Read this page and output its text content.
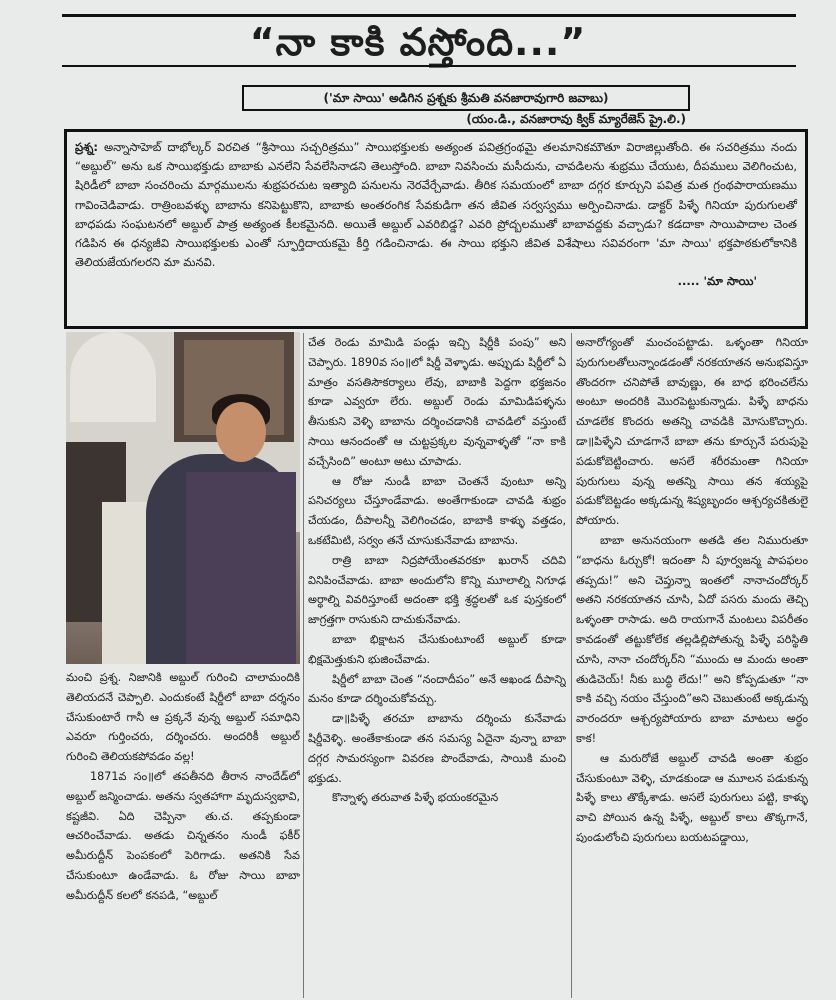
“నా కాకి వస్తోంది...”
('మా సాయి' అడిగిన ప్రశ్నకు శ్రీమతి వనజారావుగారి జవాబు)
(యం.డి., వనజారావు క్విక్ మ్యారేజెస్ ప్రై.లి.)
ప్రశ్న: అన్నాసాహెబ్ దాభోల్కర్ విరచిత “శ్రీసాయి సచ్చరిత్రము” సాయిభక్తులకు అత్యంత పవిత్రగ్రంథమై తలమానికమౌతూ విరాజిల్లుతోంది. ఈ సచరిత్రము నందు “అబ్దుల్” అను ఒక సాయిభక్తుడు బాబాకు ఎనలేని సేవలేసినాడని తెలుస్తోంది. బాబా నివసించు మసీదును, చావడిలను శుభ్రము చేయుట, దీపములు వెలిగించుట, షిరిడీలో బాబా సంచరించు మార్గములను శుభ్రపరచుట ఇత్యాది పనులను నెరవేర్చేవాడు. తీరిక సమయంలో బాబా దగ్గర కూర్చుని పవిత్ర మత గ్రంథపారాయణము గావించెడివాడు. రాత్రింబవళ్ళు బాబాను కనిపెట్టుకొని, బాబాకు అంతరంగిక సేవకుడిగా తన జీవిత సర్వస్వము అర్పించినాడు. డాక్టర్ పిళ్ళే గినియా పురుగులతో బాధపడు సంఘటనలో అబ్దుల్ పాత్ర అత్యంత కీలకమైనది. అయితే అబ్దుల్ ఎవరిబిడ్డ? ఎవరి ప్రోద్బలముతో బాబావద్దకు వచ్చాడు? కడదాకా సాయిపాదాల చెంత గడిపిన ఈ ధన్యజీవి సాయిభక్తులకు ఎంతో స్ఫూర్తిదాయకమై కీర్తి గడించినాడు. ఈ సాయి భక్తుని జీవిత విశేషాలు సవివరంగా 'మా సాయి' భక్తపాఠకులోకానికి తెలియజేయగలరని మా మనవి.
..... 'మా సాయి'

మంచి ప్రశ్న. నిజానికి అబ్దుల్ గురించి చాలామందికి తెలియదనే చెప్పాలి. ఎందుకంటే షిర్డీలో బాబా దర్శనం చేసుకుంటారే గానీ ఆ ప్రక్కనే వున్న అబ్దుల్ సమాధిని ఎవరూ గుర్తించరు, దర్శించరు. అందరికీ అబ్దుల్ గురించి తెలియకపోవడం వల్ల!

1871వ సం॥లో తపతీనది తీరాన నాందేడ్‌లో అబ్దుల్ జన్మించాడు. అతను స్వతహాగా మృదుస్వభావి, కష్టజీవి. ఏది చెప్పినా తు.చ. తప్పకుండా ఆచరించేవాడు. అతడు చిన్నతనం నుండీ ఫకీర్ అమీరుద్దీన్ పెంపకంలో పెరిగాడు. అతనికి సేవ చేసుకుంటూ ఉండేవాడు. ఓ రోజు సాయి బాబా అమీరుద్దీన్ కలలో కనపడి, “అబ్దుల్

చేత రెండు మామిడి పండ్లు ఇచ్చి షిర్డీకి పంపు” అని చెప్పారు. 1890వ సం॥లో షిర్డీ వెళ్ళాడు. అప్పుడు షిర్డీలో ఏ మాత్రం వసతిసౌకర్యాలు లేవు, బాబాకి పెద్దగా భక్తజనం కూడా ఎవ్వరూ లేరు. అబ్దుల్ రెండు మామిడిపళ్ళను తీసుకుని వెళ్ళి బాబాను దర్శించడానికి చావడిలో వస్తుంటే సాయి ఆనందంతో ఆ చుట్టప్రక్కల వున్నవాళ్ళతో “నా కాకి వచ్చేసింది” అంటూ అటు చూపాడు.

ఆ రోజు నుండీ బాబా చెంతనే వుంటూ అన్ని పనిచర్యలు చేస్తూండేవాడు. అంతేగాకుండా చావడి శుభ్రం చేయడం, దీపాలన్నీ వెలిగించడం, బాబాకి కాళ్ళు వత్తడం, ఒకటేమిటి, సర్వం తనే చూసుకునేవాడు బాబాను.

రాత్రి బాబా నిద్రపోయేంతవరకూ ఖురాన్ చదివి వినిపించేవాడు. బాబా అందులోని కొన్ని మూలాల్ని నిగూఢ అర్థాల్ని వివరిస్తూంటే అదంతా భక్తి శ్రద్ధలతో ఒక పుస్తకంలో జాగ్రత్తగా రాసుకుని దాచుకునేవాడు.

బాబా భిక్షాటన చేసుకుంటూంటే అబ్దుల్ కూడా భిక్షమెత్తుకుని భుజించేవాడు.

షిర్డీలో బాబా చెంత “నందాదీపం” అనే అఖండ దీపాన్ని మనం కూడా దర్శించుకోవచ్చు.

డా॥పిళ్ళే తరచూ బాబాను దర్శించు కునేవాడు షిర్డీవెళ్ళి. అంతేకాకుండా తన సమస్య ఏదైనా వున్నా బాబా దగ్గర సామరస్యంగా వివరణ పొందేవాడు, సాయికి మంచి భక్తుడు.

కొన్నాళ్ళ తరువాత పిళ్ళే భయంకరమైన

అనారోగ్యంతో మంచంపట్టాడు. ఒళ్ళంతా గినియా పురుగులతోలున్నాండడంతో నరకయాతన అనుభవిస్తూ తొందరగా చనిపోతే బావుణ్ణు, ఈ బాధ భరించలేను అంటూ అందరికి మొరపెట్టుకున్నాడు. పిళ్ళే బాధను చూడలేక కొందరు అతన్ని చావడికి మోసుకొచ్చారు. డా॥పిళ్ళేని చూడగానే బాబా తను కూర్చునే పరుపుపై పడుకోబెట్టించారు. అసలే శరీరమంతా గినియా పురుగులు వున్న అతన్ని సాయి తన శయ్యపై పడుకోబెట్టడం అక్కడున్న శిష్యబృందం ఆశ్చర్యచకితులై పోయారు.

బాబా అనునయంగా అతడి తల నిమురుతూ “బాధను ఓర్చుకో! ఇదంతా నీ పూర్వజన్మ పాపఫలం తప్పదు!” అని చెప్తున్నా ఇంతలో నానాచందోర్కర్ అతని నరకయాతన చూసి, ఏదో పసరు మందు తెచ్చి ఒళ్ళంతా రాసాడు. అది రాయగానే మంటలు విపరీతం కావడంతో తట్టుకోలేక తల్లడిల్లిపోతున్న పిళ్ళే పరిస్థితి చూసి, నానా చందోర్కర్‌ని “ముందు ఆ మందు అంతా తుడిచెయ్! నీకు బుద్ధి లేదు!” అని కోప్పడుతూ “నా కాకి వచ్చి నయం చేస్తుంది”అని చెబుతుంటే అక్కడున్న వారందరూ ఆశ్చర్యపోయారు బాబా మాటలు అర్థం కాక!

ఆ మరురోజే అబ్దుల్ చావడి అంతా శుభ్రం చేసుకుంటూ వెళ్ళి, చూడకుండా ఆ మూలన పడుకున్న పిళ్ళే కాలు తొక్కేశాడు. అసలే పురుగులు పట్టి, కాళ్ళు వాచి పోయిన ఉన్న పిళ్ళే, అబ్దుల్ కాలు తొక్కగానే, పుండులోంచి పురుగులు బయటపడ్డాయి,
